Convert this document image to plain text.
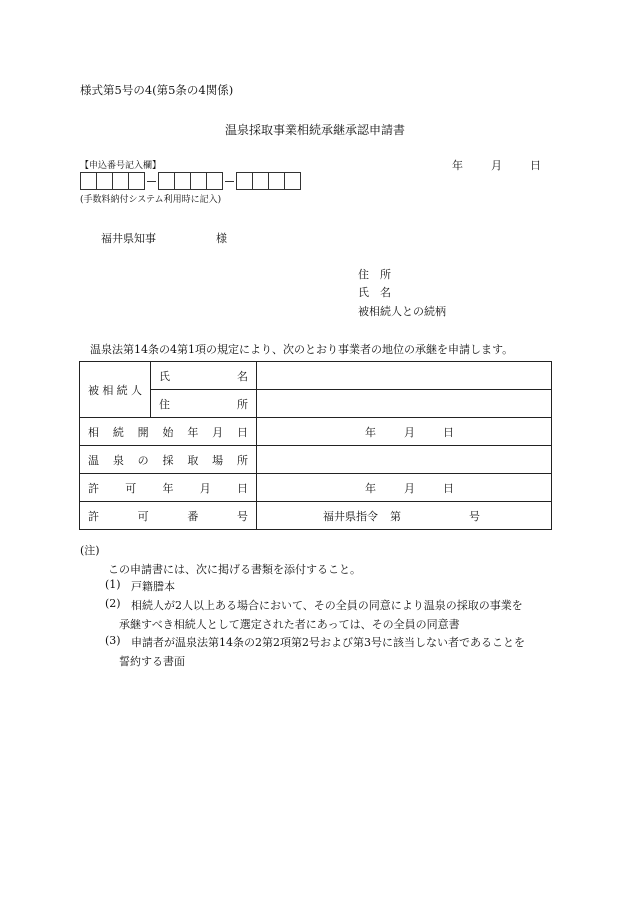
様式第5号の4(第5条の4関係)
温泉採取事業相続承継承認申請書
【申込番号記入欄】	年	月	日
(手数料納付システム利用時に記入)
福井県知事	様
住　所
氏　名
被相続人との続柄
温泉法第14条の4第1項の規定により、次のとおり事業者の地位の承継を申請します。
被相続人	氏名	
	住所	
相続開始年月日		年 月 日
温泉の採取場所		
許可年月日		年 月 日
許可番号		福井県指令 第 号
(注)
この申請書には、次に掲げる書類を添付すること。
(1) 戸籍謄本
(2) 相続人が2人以上ある場合において、その全員の同意により温泉の採取の事業を
承継すべき相続人として選定された者にあっては、その全員の同意書
(3) 申請者が温泉法第14条の2第2項第2号および第3号に該当しない者であることを
誓約する書面
